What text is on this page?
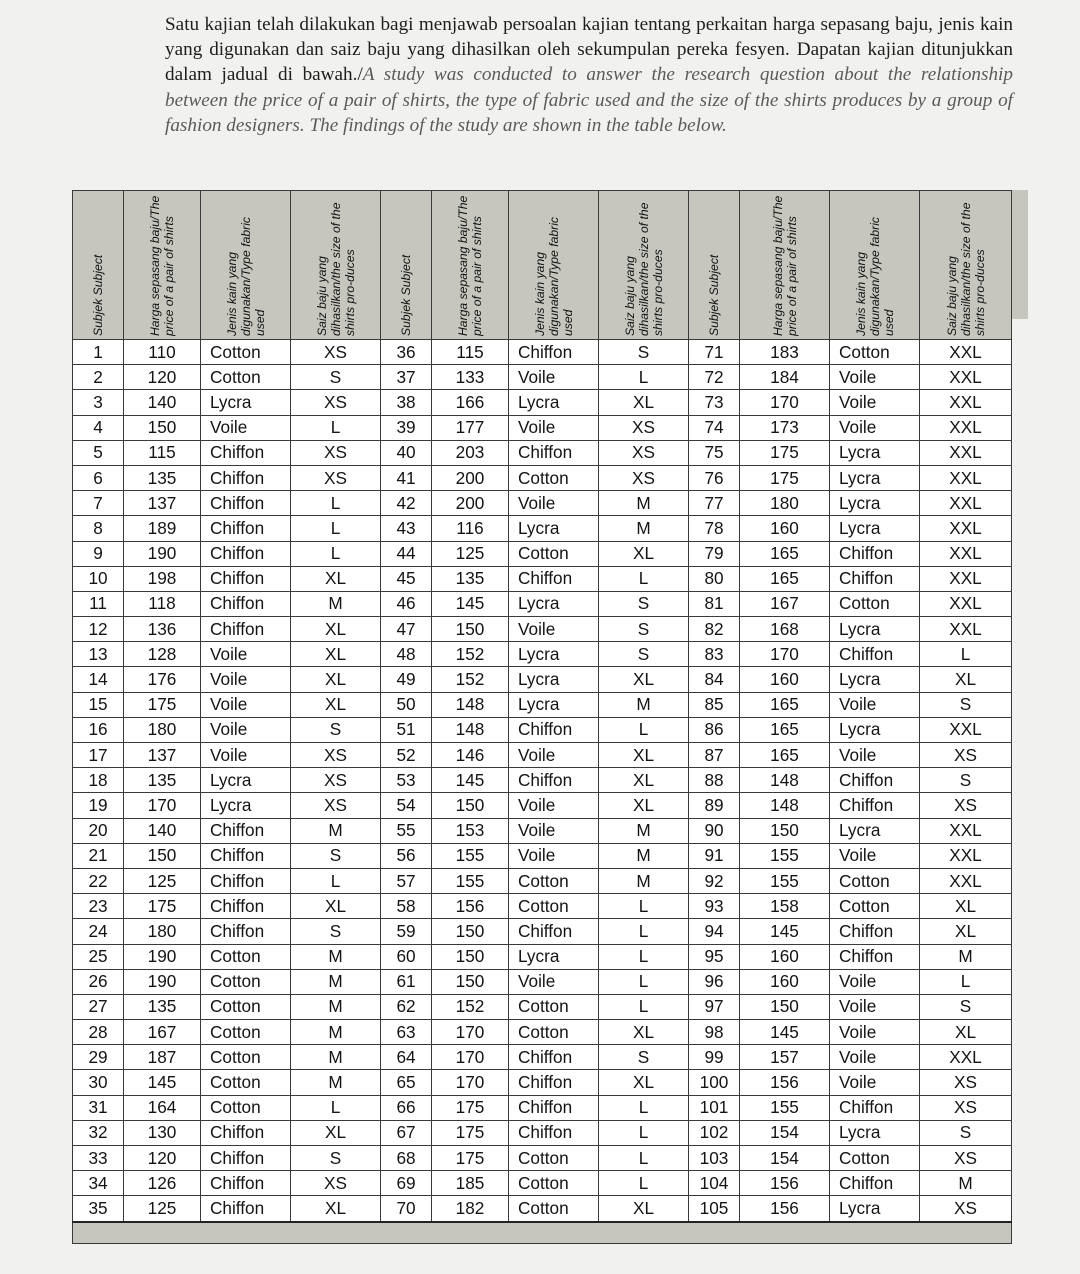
Satu kajian telah dilakukan bagi menjawab persoalan kajian tentang perkaitan harga sepasang baju, jenis kain yang digunakan dan saiz baju yang dihasilkan oleh sekumpulan pereka fesyen. Dapatan kajian ditunjukkan dalam jadual di bawah./A study was conducted to answer the research question about the relationship between the price of a pair of shirts, the type of fabric used and the size of the shirts produces by a group of fashion designers. The findings of the study are shown in the table below.

Subjek Subject	Harga sepasang baju/The price of a pair of shirts	Jenis kain yang digunakan/Type fabric used	Saiz baju yang dihasilkan/the size of the shirts pro-duces	Subjek Subject	Harga sepasang baju/The price of a pair of shirts	Jenis kain yang digunakan/Type fabric used	Saiz baju yang dihasilkan/the size of the shirts pro-duces	Subjek Subject	Harga sepasang baju/The price of a pair of shirts	Jenis kain yang digunakan/Type fabric used	Saiz baju yang dihasilkan/the size of the shirts pro-duces

1	110	Cotton	XS	36	115	Chiffon	S	71	183	Cotton	XXL
2	120	Cotton	S	37	133	Voile	L	72	184	Voile	XXL
3	140	Lycra	XS	38	166	Lycra	XL	73	170	Voile	XXL
4	150	Voile	L	39	177	Voile	XS	74	173	Voile	XXL
5	115	Chiffon	XS	40	203	Chiffon	XS	75	175	Lycra	XXL
6	135	Chiffon	XS	41	200	Cotton	XS	76	175	Lycra	XXL
7	137	Chiffon	L	42	200	Voile	M	77	180	Lycra	XXL
8	189	Chiffon	L	43	116	Lycra	M	78	160	Lycra	XXL
9	190	Chiffon	L	44	125	Cotton	XL	79	165	Chiffon	XXL
10	198	Chiffon	XL	45	135	Chiffon	L	80	165	Chiffon	XXL
11	118	Chiffon	M	46	145	Lycra	S	81	167	Cotton	XXL
12	136	Chiffon	XL	47	150	Voile	S	82	168	Lycra	XXL
13	128	Voile	XL	48	152	Lycra	S	83	170	Chiffon	L
14	176	Voile	XL	49	152	Lycra	XL	84	160	Lycra	XL
15	175	Voile	XL	50	148	Lycra	M	85	165	Voile	S
16	180	Voile	S	51	148	Chiffon	L	86	165	Lycra	XXL
17	137	Voile	XS	52	146	Voile	XL	87	165	Voile	XS
18	135	Lycra	XS	53	145	Chiffon	XL	88	148	Chiffon	S
19	170	Lycra	XS	54	150	Voile	XL	89	148	Chiffon	XS
20	140	Chiffon	M	55	153	Voile	M	90	150	Lycra	XXL
21	150	Chiffon	S	56	155	Voile	M	91	155	Voile	XXL
22	125	Chiffon	L	57	155	Cotton	M	92	155	Cotton	XXL
23	175	Chiffon	XL	58	156	Cotton	L	93	158	Cotton	XL
24	180	Chiffon	S	59	150	Chiffon	L	94	145	Chiffon	XL
25	190	Cotton	M	60	150	Lycra	L	95	160	Chiffon	M
26	190	Cotton	M	61	150	Voile	L	96	160	Voile	L
27	135	Cotton	M	62	152	Cotton	L	97	150	Voile	S
28	167	Cotton	M	63	170	Cotton	XL	98	145	Voile	XL
29	187	Cotton	M	64	170	Chiffon	S	99	157	Voile	XXL
30	145	Cotton	M	65	170	Chiffon	XL	100	156	Voile	XS
31	164	Cotton	L	66	175	Chiffon	L	101	155	Chiffon	XS
32	130	Chiffon	XL	67	175	Chiffon	L	102	154	Lycra	S
33	120	Chiffon	S	68	175	Cotton	L	103	154	Cotton	XS
34	126	Chiffon	XS	69	185	Cotton	L	104	156	Chiffon	M
35	125	Chiffon	XL	70	182	Cotton	XL	105	156	Lycra	XS
